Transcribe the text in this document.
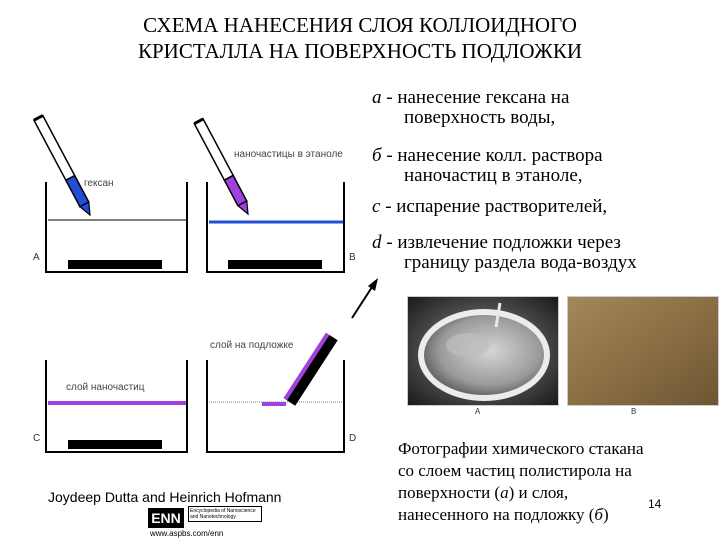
СХЕМА НАНЕСЕНИЯ СЛОЯ КОЛЛОИДНОГО
КРИСТАЛЛА НА ПОВЕРХНОСТЬ ПОДЛОЖКИ
a - нанесение гексана на
поверхность воды,
б - нанесение колл. раствора
наночастиц в этаноле,
c - испарение растворителей,
d - извлечение подложки через
границу раздела вода-воздух
гексан
A
наночастицы в этаноле
B
слой наночастиц
C
слой на подложке
D
A	B
Фотографии химического стакана
со слоем частиц полистирола на
поверхности (а) и слоя,
нанесенного на подложку (б)
14
Joydeep Dutta and Heinrich Hofmann
ENN	Encyclopedia of Nanoscience and Nanotechnology
www.aspbs.com/enn
